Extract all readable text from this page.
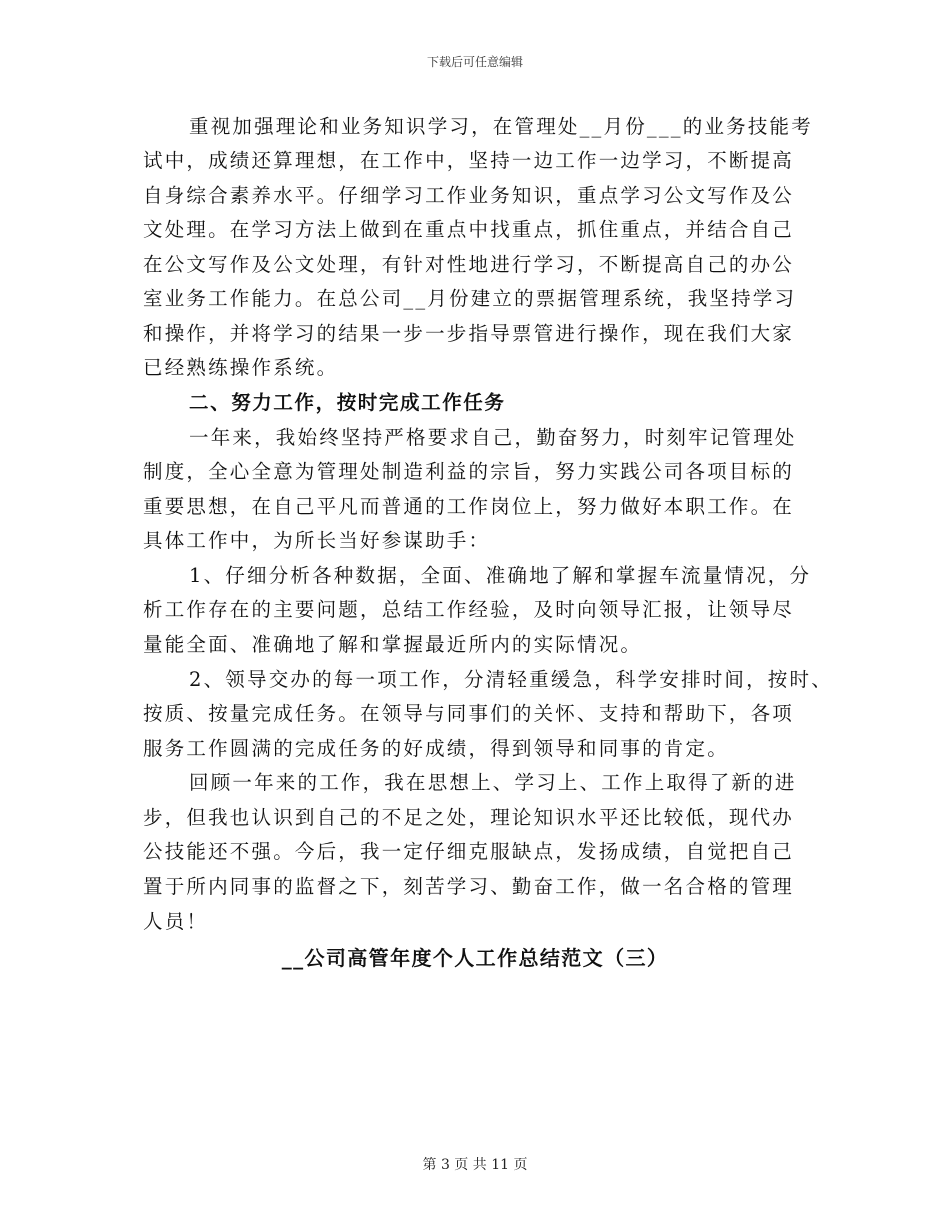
下载后可任意编辑
重视加强理论和业务知识学习，在管理处__月份___的业务技能考
试中，成绩还算理想，在工作中，坚持一边工作一边学习，不断提高
自身综合素养水平。仔细学习工作业务知识，重点学习公文写作及公
文处理。在学习方法上做到在重点中找重点，抓住重点，并结合自己
在公文写作及公文处理，有针对性地进行学习，不断提高自己的办公
室业务工作能力。在总公司__月份建立的票据管理系统，我坚持学习
和操作，并将学习的结果一步一步指导票管进行操作，现在我们大家
已经熟练操作系统。
二、努力工作，按时完成工作任务
一年来，我始终坚持严格要求自己，勤奋努力，时刻牢记管理处
制度，全心全意为管理处制造利益的宗旨，努力实践公司各项目标的
重要思想，在自己平凡而普通的工作岗位上，努力做好本职工作。在
具体工作中，为所长当好参谋助手：
1、仔细分析各种数据，全面、准确地了解和掌握车流量情况，分
析工作存在的主要问题，总结工作经验，及时向领导汇报，让领导尽
量能全面、准确地了解和掌握最近所内的实际情况。
2、领导交办的每一项工作，分清轻重缓急，科学安排时间，按时、
按质、按量完成任务。在领导与同事们的关怀、支持和帮助下，各项
服务工作圆满的完成任务的好成绩，得到领导和同事的肯定。
回顾一年来的工作，我在思想上、学习上、工作上取得了新的进
步，但我也认识到自己的不足之处，理论知识水平还比较低，现代办
公技能还不强。今后，我一定仔细克服缺点，发扬成绩，自觉把自己
置于所内同事的监督之下，刻苦学习、勤奋工作，做一名合格的管理
人员！
__公司高管年度个人工作总结范文（三）
第 3 页 共 11 页
